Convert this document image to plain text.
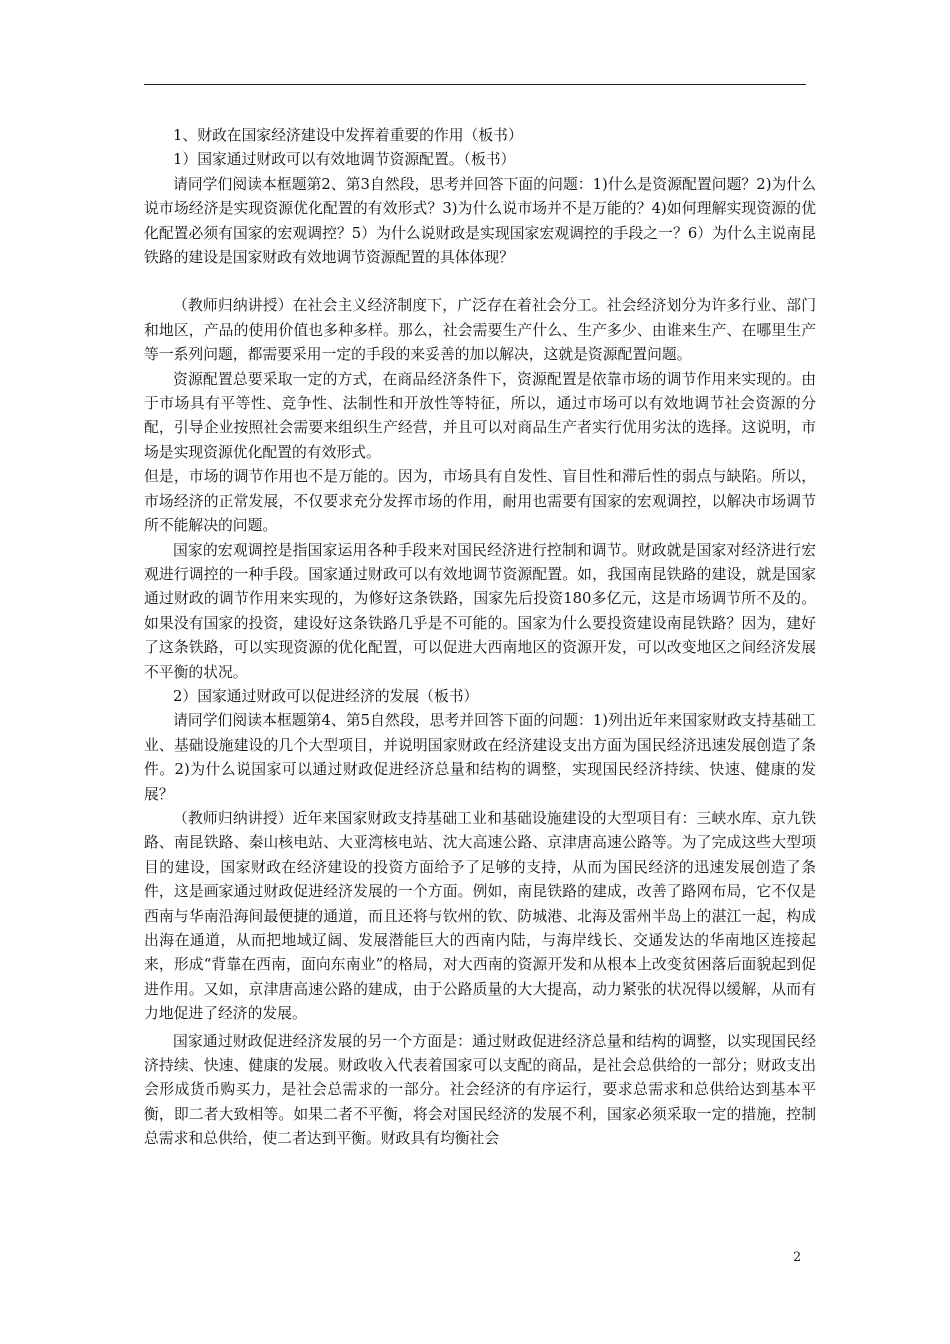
1、财政在国家经济建设中发挥着重要的作用（板书）

1）国家通过财政可以有效地调节资源配置。（板书）

请同学们阅读本框题第2、第3自然段，思考并回答下面的问题：1)什么是资源配置问题？2)为什么说市场经济是实现资源优化配置的有效形式？3)为什么说市场并不是万能的？4)如何理解实现资源的优化配置必须有国家的宏观调控？5）为什么说财政是实现国家宏观调控的手段之一？6）为什么主说南昆铁路的建设是国家财政有效地调节资源配置的具体体现？

（教师归纳讲授）在社会主义经济制度下，广泛存在着社会分工。社会经济划分为许多行业、部门和地区，产品的使用价值也多种多样。那么，社会需要生产什么、生产多少、由谁来生产、在哪里生产等一系列问题，都需要采用一定的手段的来妥善的加以解决，这就是资源配置问题。

资源配置总要采取一定的方式，在商品经济条件下，资源配置是依靠市场的调节作用来实现的。由于市场具有平等性、竞争性、法制性和开放性等特征，所以，通过市场可以有效地调节社会资源的分配，引导企业按照社会需要来组织生产经营，并且可以对商品生产者实行优用劣汰的选择。这说明，市场是实现资源优化配置的有效形式。

但是，市场的调节作用也不是万能的。因为，市场具有自发性、盲目性和滞后性的弱点与缺陷。所以，市场经济的正常发展，不仅要求充分发挥市场的作用，耐用也需要有国家的宏观调控，以解决市场调节所不能解决的问题。

国家的宏观调控是指国家运用各种手段来对国民经济进行控制和调节。财政就是国家对经济进行宏观进行调控的一种手段。国家通过财政可以有效地调节资源配置。如，我国南昆铁路的建设，就是国家通过财政的调节作用来实现的，为修好这条铁路，国家先后投资180多亿元，这是市场调节所不及的。如果没有国家的投资，建设好这条铁路几乎是不可能的。国家为什么要投资建设南昆铁路？因为，建好了这条铁路，可以实现资源的优化配置，可以促进大西南地区的资源开发，可以改变地区之间经济发展不平衡的状况。

2）国家通过财政可以促进经济的发展（板书）

请同学们阅读本框题第4、第5自然段，思考并回答下面的问题：1)列出近年来国家财政支持基础工业、基础设施建设的几个大型项目，并说明国家财政在经济建设支出方面为国民经济迅速发展创造了条件。2)为什么说国家可以通过财政促进经济总量和结构的调整，实现国民经济持续、快速、健康的发展？

（教师归纳讲授）近年来国家财政支持基础工业和基础设施建设的大型项目有：三峡水库、京九铁路、南昆铁路、秦山核电站、大亚湾核电站、沈大高速公路、京津唐高速公路等。为了完成这些大型项目的建设，国家财政在经济建设的投资方面给予了足够的支持，从而为国民经济的迅速发展创造了条件，这是画家通过财政促进经济发展的一个方面。例如，南昆铁路的建成，改善了路网布局，它不仅是西南与华南沿海间最便捷的通道，而且还将与钦州的钦、防城港、北海及雷州半岛上的湛江一起，构成出海在通道，从而把地域辽阔、发展潜能巨大的西南内陆，与海岸线长、交通发达的华南地区连接起来，形成“背靠在西南，面向东南业”的格局，对大西南的资源开发和从根本上改变贫困落后面貌起到促进作用。又如，京津唐高速公路的建成，由于公路质量的大大提高，动力紧张的状况得以缓解，从而有力地促进了经济的发展。

国家通过财政促进经济发展的另一个方面是：通过财政促进经济总量和结构的调整，以实现国民经济持续、快速、健康的发展。财政收入代表着国家可以支配的商品，是社会总供给的一部分；财政支出会形成货币购买力，是社会总需求的一部分。社会经济的有序运行，要求总需求和总供给达到基本平衡，即二者大致相等。如果二者不平衡，将会对国民经济的发展不利，国家必须采取一定的措施，控制总需求和总供给，使二者达到平衡。财政具有均衡社会

2
